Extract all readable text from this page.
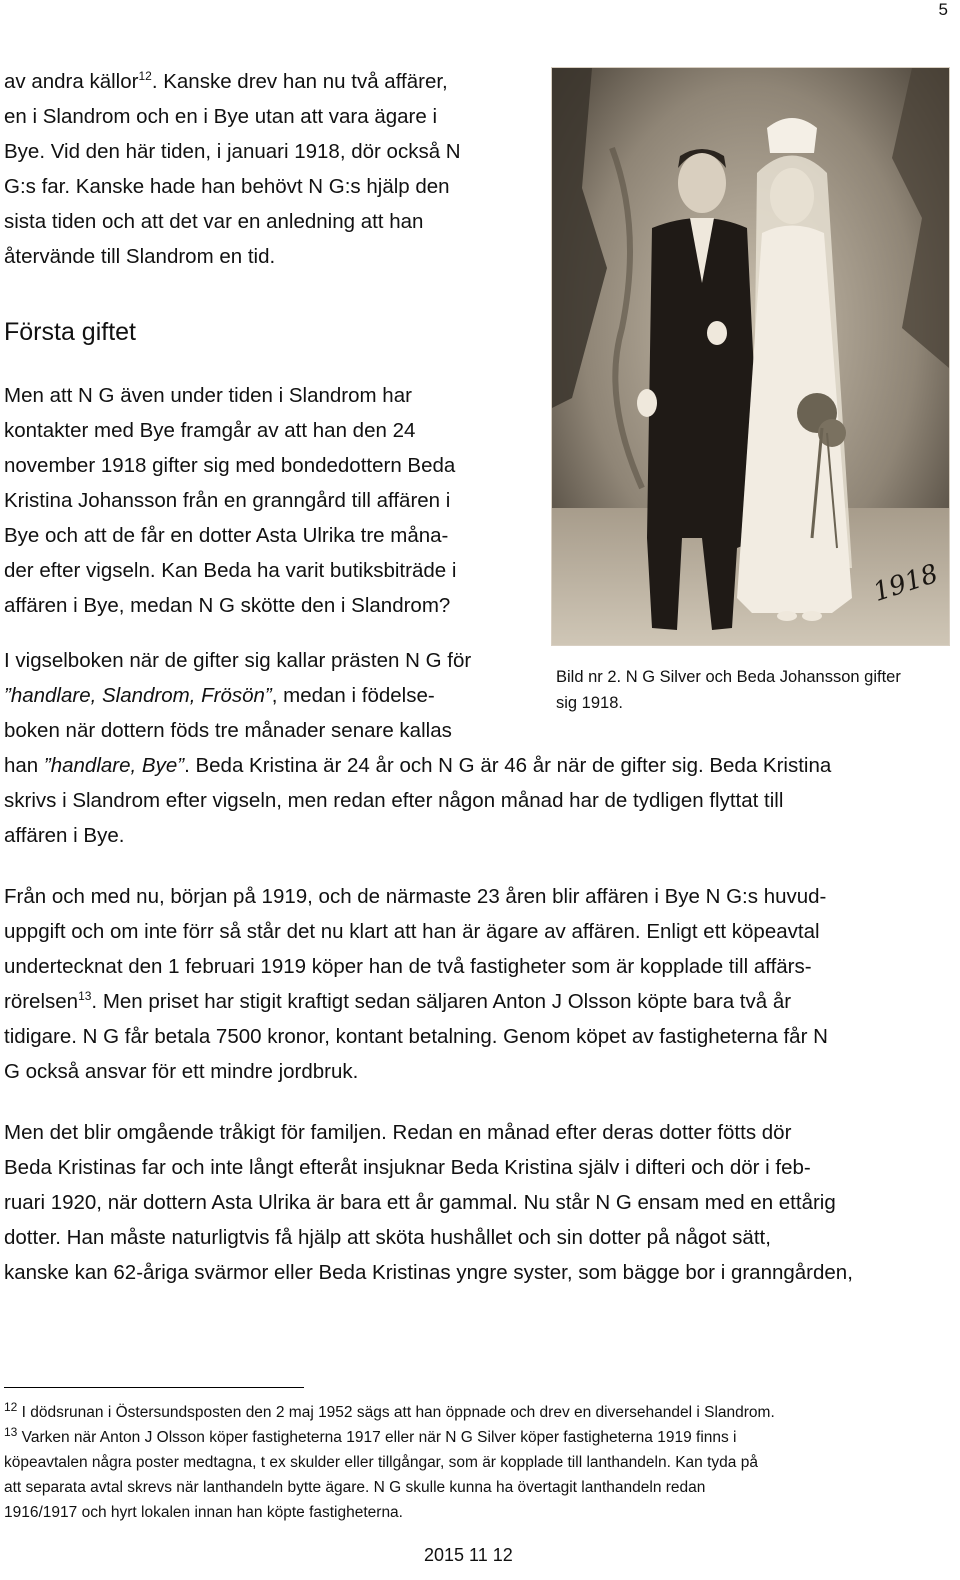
5

av andra källor$^{12}$. Kanske drev han nu två affärer,

en i Slandrom och en i Bye utan att vara ägare i

Bye. Vid den här tiden, i januari 1918, dör också N

G:s far. Kanske hade han behövt N G:s hjälp den

sista tiden och att det var en anledning att han

återvände till Slandrom en tid.

Första giftet

Men att N G även under tiden i Slandrom har

kontakter med Bye framgår av att han den 24

november 1918 gifter sig med bondedottern Beda

Kristina Johansson från en granngård till affären i

Bye och att de får en dotter Asta Ulrika tre måna-

der efter vigseln. Kan Beda ha varit butiksbiträde i

affären i Bye, medan N G skötte den i Slandrom?	1918

Bild nr 2. N G Silver och Beda Johansson gifter

sig 1918.

I vigselboken när de gifter sig kallar prästen N G för

”handlare, Slandrom, Frösön”, medan i födelse-

boken när dottern föds tre månader senare kallas

han ”handlare, Bye”. Beda Kristina är 24 år och N G är 46 år när de gifter sig. Beda Kristina

skrivs i Slandrom efter vigseln, men redan efter någon månad har de tydligen flyttat till

affären i Bye.

Från och med nu, början på 1919, och de närmaste 23 åren blir affären i Bye N G:s huvud-

uppgift och om inte förr så står det nu klart att han är ägare av affären. Enligt ett köpeavtal

undertecknat den 1 februari 1919 köper han de två fastigheter som är kopplade till affärs-

rörelsen$^{13}$. Men priset har stigit kraftigt sedan säljaren Anton J Olsson köpte bara två år

tidigare. N G får betala 7500 kronor, kontant betalning. Genom köpet av fastigheterna får N

G också ansvar för ett mindre jordbruk.

Men det blir omgående tråkigt för familjen. Redan en månad efter deras dotter fötts dör

Beda Kristinas far och inte långt efteråt insjuknar Beda Kristina själv i difteri och dör i feb-

ruari 1920, när dottern Asta Ulrika är bara ett år gammal. Nu står N G ensam med en ettårig

dotter. Han måste naturligtvis få hjälp att sköta hushållet och sin dotter på något sätt,

kanske kan 62-åriga svärmor eller Beda Kristinas yngre syster, som bägge bor i granngården,

$^{12}$ I dödsrunan i Östersundsposten den 2 maj 1952 sägs att han öppnade och drev en diversehandel i Slandrom.

$^{13}$ Varken när Anton J Olsson köper fastigheterna 1917 eller när N G Silver köper fastigheterna 1919 finns i

köpeavtalen några poster medtagna, t ex skulder eller tillgångar, som är kopplade till lanthandeln. Kan tyda på

att separata avtal skrevs när lanthandeln bytte ägare. N G skulle kunna ha övertagit lanthandeln redan

1916/1917 och hyrt lokalen innan han köpte fastigheterna.

2015 11 12
